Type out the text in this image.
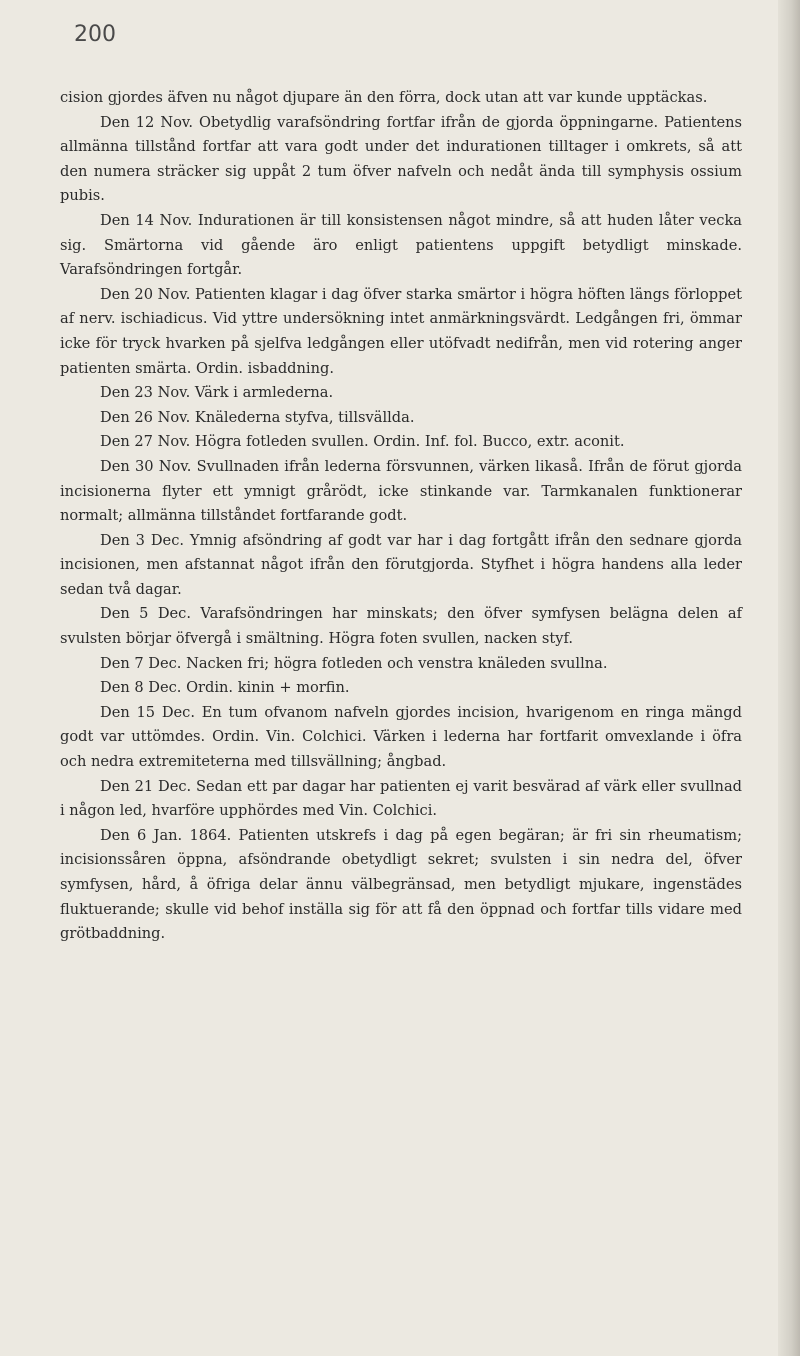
200

cision gjordes äfven nu något djupare än den förra, dock utan att var kunde upptäckas.

Den 12 Nov. Obetydlig varafsöndring fortfar ifrån de gjorda öppningarne. Patientens allmänna tillstånd fortfar att vara godt under det indurationen tilltager i omkrets, så att den numera sträcker sig uppåt 2 tum öfver nafveln och nedåt ända till symphysis ossium pubis.

Den 14 Nov. Indurationen är till konsistensen något mindre, så att huden låter vecka sig. Smärtorna vid gående äro enligt patientens uppgift betydligt minskade. Varafsöndringen fortgår.

Den 20 Nov. Patienten klagar i dag öfver starka smärtor i högra höften längs förloppet af nerv. ischiadicus. Vid yttre undersökning intet anmärkningsvärdt. Ledgången fri, ömmar icke för tryck hvarken på sjelfva ledgången eller utöfvadt nedifrån, men vid rotering anger patienten smärta. Ordin. isbaddning.

Den 23 Nov. Värk i armlederna.

Den 26 Nov. Knälederna styfva, tillsvällda.

Den 27 Nov. Högra fotleden svullen. Ordin. Inf. fol. Bucco, extr. aconit.

Den 30 Nov. Svullnaden ifrån lederna försvunnen, värken likaså. Ifrån de förut gjorda incisionerna flyter ett ymnigt grårödt, icke stinkande var. Tarmkanalen funktionerar normalt; allmänna tillståndet fortfarande godt.

Den 3 Dec. Ymnig afsöndring af godt var har i dag fortgått ifrån den sednare gjorda incisionen, men afstannat något ifrån den förutgjorda. Styfhet i högra handens alla leder sedan två dagar.

Den 5 Dec. Varafsöndringen har minskats; den öfver symfysen belägna delen af svulsten börjar öfvergå i smältning. Högra foten svullen, nacken styf.

Den 7 Dec. Nacken fri; högra fotleden och venstra knäleden svullna.

Den 8 Dec. Ordin. kinin + morfin.

Den 15 Dec. En tum ofvanom nafveln gjordes incision, hvarigenom en ringa mängd godt var uttömdes. Ordin. Vin. Colchici. Värken i lederna har fortfarit omvexlande i öfra och nedra extremiteterna med tillsvällning; ångbad.

Den 21 Dec. Sedan ett par dagar har patienten ej varit besvärad af värk eller svullnad i någon led, hvarföre upphördes med Vin. Colchici.

Den 6 Jan. 1864. Patienten utskrefs i dag på egen begäran; är fri sin rheumatism; incisionssåren öppna, afsöndrande obetydligt sekret; svulsten i sin nedra del, öfver symfysen, hård, å öfriga delar ännu välbegränsad, men betydligt mjukare, ingenstädes fluktuerande; skulle vid behof inställa sig för att få den öppnad och fortfar tills vidare med grötbaddning.
